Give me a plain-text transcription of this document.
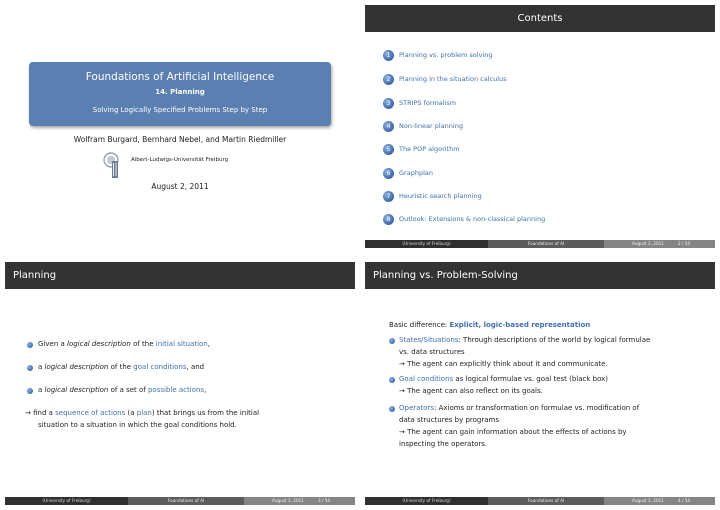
Foundations of Artificial Intelligence
14. Planning
Solving Logically Specified Problems Step by Step
Wolfram Burgard, Bernhard Nebel, and Martin Riedmiller
Albert-Ludwigs-Universität Freiburg
August 2, 2011
Contents
1	Planning vs. problem solving
2	Planning in the situation calculus
3	STRIPS formalism
4	Non-linear planning
5	The POP algorithm
6	Graphplan
7	Heuristic search planning
8	Outlook: Extensions & non-classical planning
(University of Freiburg)	Foundations of AI	August 2, 2011	2 / 54
Planning
Given a logical description of the initial situation,
a logical description of the goal conditions, and
a logical description of a set of possible actions,
→ find a sequence of actions (a plan) that brings us from the initial
situation to a situation in which the goal conditions hold.
(University of Freiburg)	Foundations of AI	August 2, 2011	3 / 54
Planning vs. Problem-Solving
Basic difference: Explicit, logic-based representation
States/Situations: Through descriptions of the world by logical formulae
vs. data structures
→ The agent can explicitly think about it and communicate.
Goal conditions as logical formulae vs. goal test (black box)
→ The agent can also reflect on its goals.
Operators: Axioms or transformation on formulae vs. modification of
data structures by programs
→ The agent can gain information about the effects of actions by
inspecting the operators.
(University of Freiburg)	Foundations of AI	August 2, 2011	4 / 54
